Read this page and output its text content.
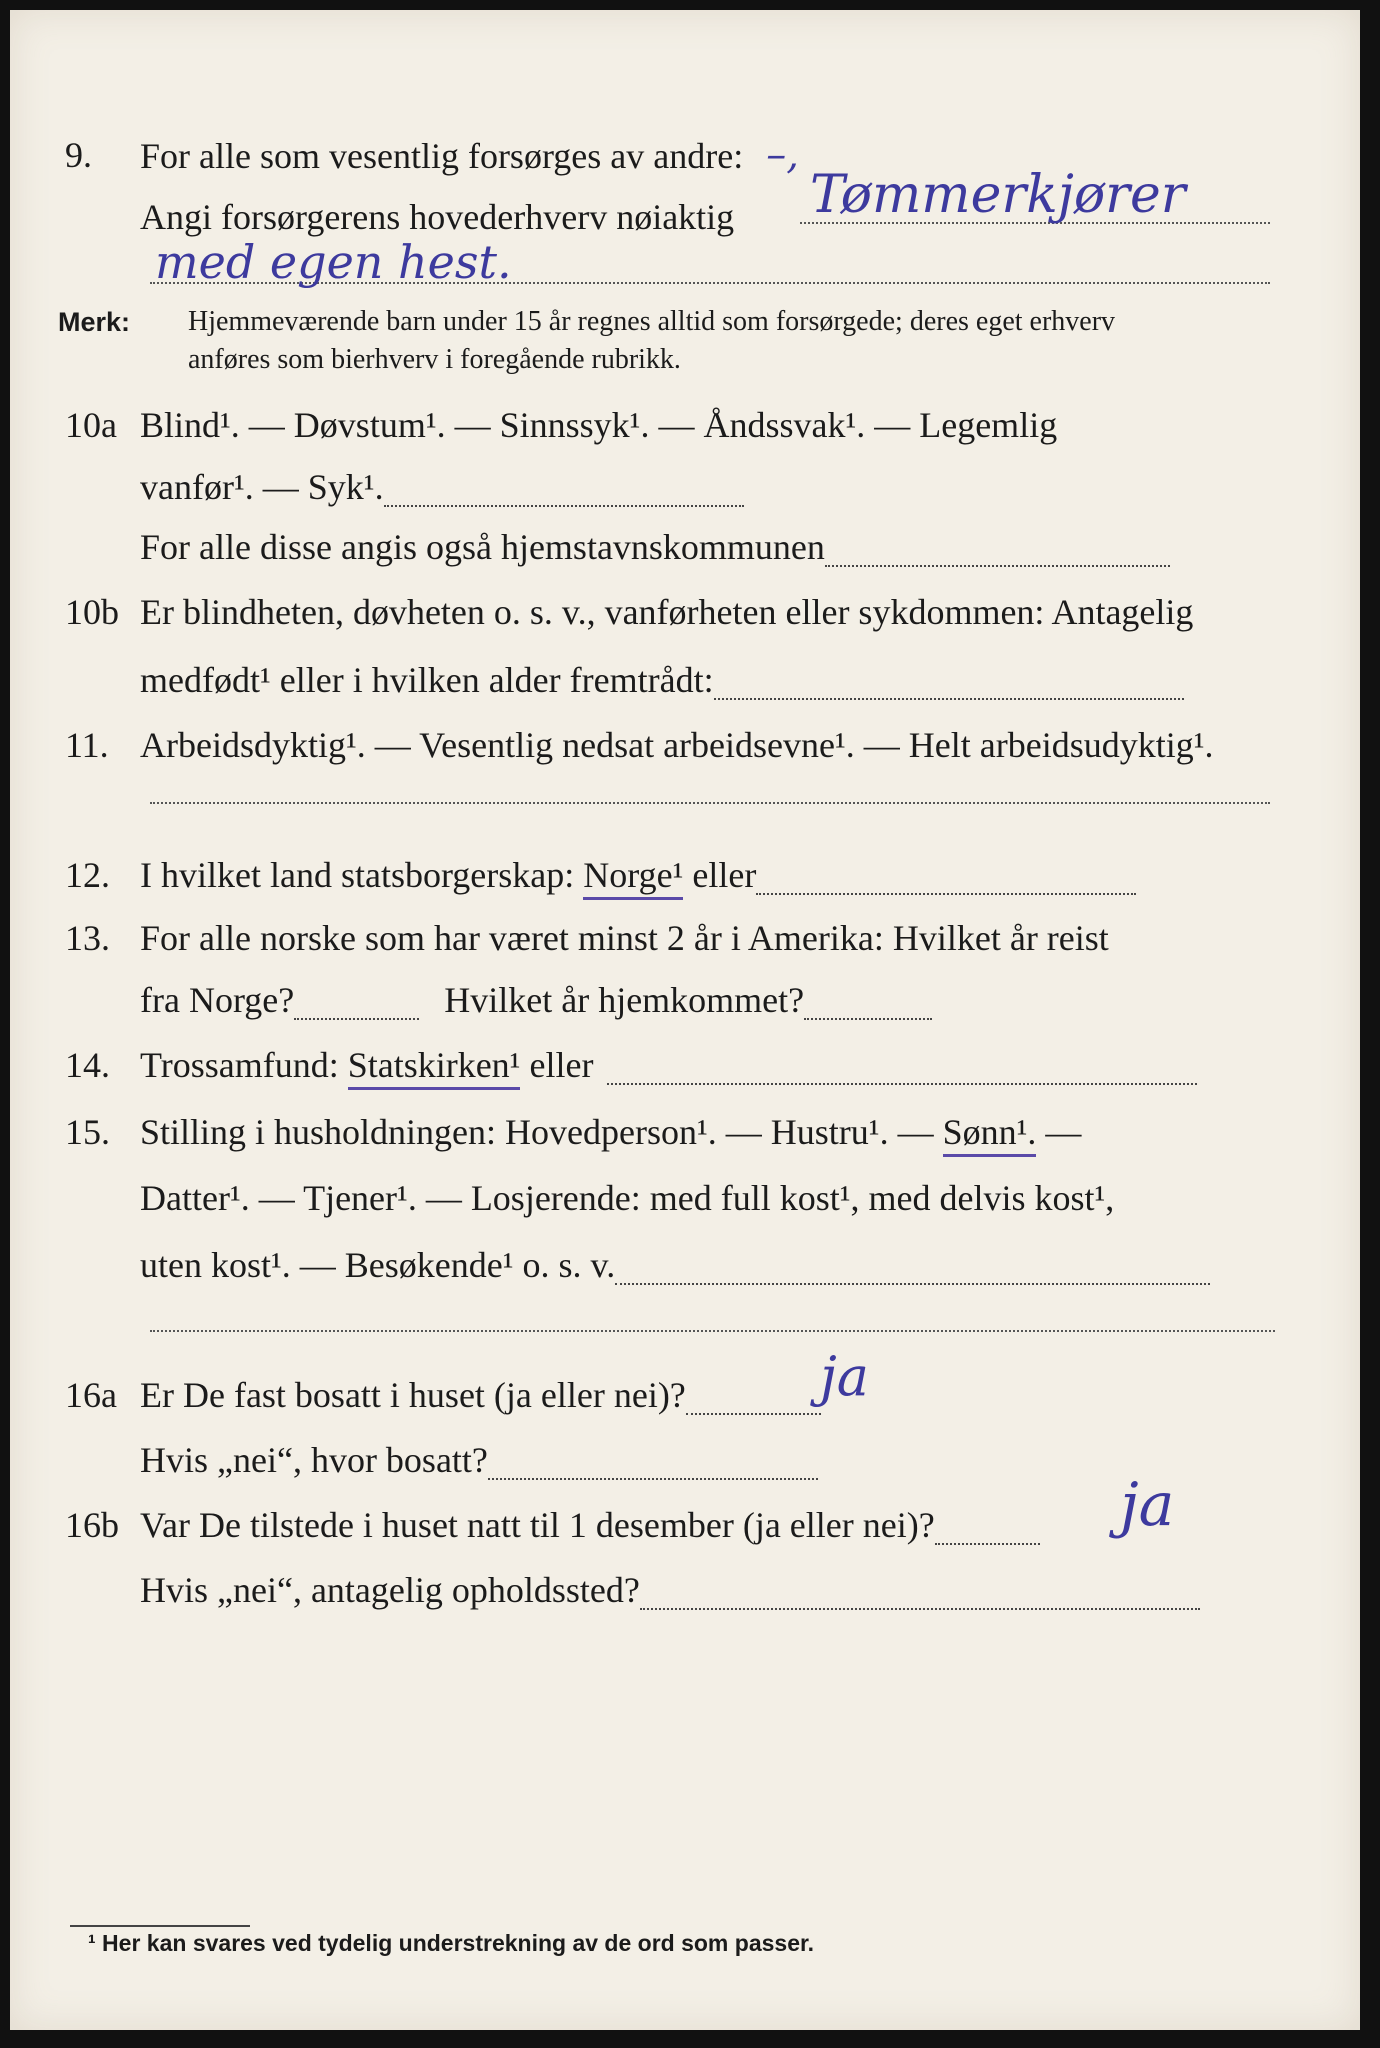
9.	For alle som vesentlig forsørges av andre: –,
Angi forsørgerens hovederhverv nøiaktig	Tømmerkjører
med egen hest.
Merk: Hjemmeværende barn under 15 år regnes alltid som forsørgede; deres eget erhverv
anføres som bierhverv i foregående rubrikk.
10a Blind¹. — Døvstum¹. — Sinnssyk¹. — Åndssvak¹. — Legemlig
vanfør¹. — Syk¹.
For alle disse angis også hjemstavnskommunen
10b Er blindheten, døvheten o. s. v., vanførheten eller sykdommen: Antagelig
medfødt¹ eller i hvilken alder fremtrådt:
11. Arbeidsdyktig¹. — Vesentlig nedsat arbeidsevne¹. — Helt arbeidsudyktig¹.
12. I hvilket land statsborgerskap: Norge¹ eller
13. For alle norske som har været minst 2 år i Amerika: Hvilket år reist
fra Norge?	Hvilket år hjemkommet?
14. Trossamfund: Statskirken¹ eller
15. Stilling i husholdningen: Hovedperson¹. — Hustru¹. — Sønn¹. —
Datter¹. — Tjener¹. — Losjerende: med full kost¹, med delvis kost¹,
uten kost¹. — Besøkende¹ o. s. v.
16a Er De fast bosatt i huset (ja eller nei)?	ja
Hvis „nei“, hvor bosatt?
16b Var De tilstede i huset natt til 1 desember (ja eller nei)?	ja
Hvis „nei“, antagelig opholdssted?
¹ Her kan svares ved tydelig understrekning av de ord som passer.
